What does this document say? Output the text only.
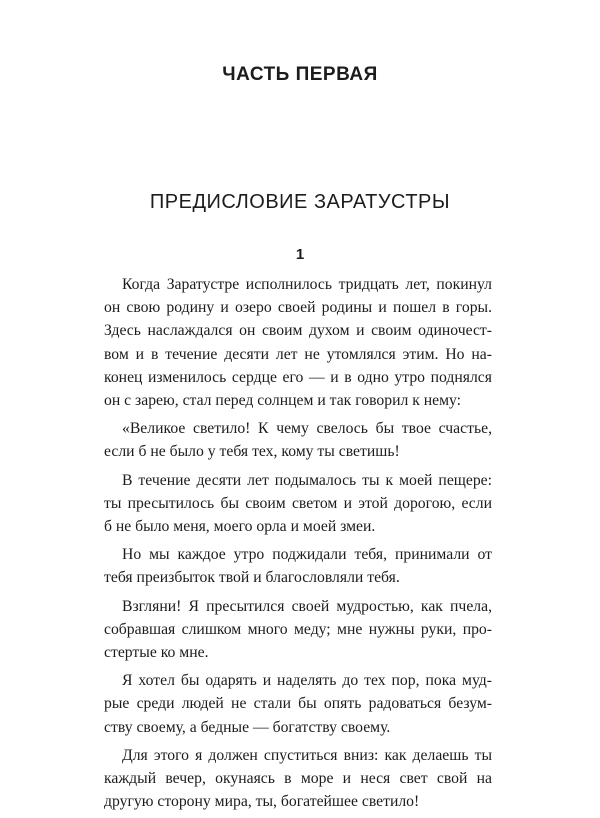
ЧАСТЬ ПЕРВАЯ
ПРЕДИСЛОВИЕ ЗАРАТУСТРЫ
1
Когда Заратустре исполнилось тридцать лет, покинул
он свою родину и озеро своей родины и пошел в горы.
Здесь наслаждался он своим духом и своим одиночест-
вом и в течение десяти лет не утомлялся этим. Но на-
конец изменилось сердце его — и в одно утро поднялся
он с зарею, стал перед солнцем и так говорил к нему:
«Великое светило! К чему свелось бы твое счастье,
если б не было у тебя тех, кому ты светишь!
В течение десяти лет подымалось ты к моей пещере:
ты пресытилось бы своим светом и этой дорогою, если
б не было меня, моего орла и моей змеи.
Но мы каждое утро поджидали тебя, принимали от
тебя преизбыток твой и благословляли тебя.
Взгляни! Я пресытился своей мудростью, как пчела,
собравшая слишком много меду; мне нужны руки, про-
стертые ко мне.
Я хотел бы одарять и наделять до тех пор, пока муд-
рые среди людей не стали бы опять радоваться безум-
ству своему, а бедные — богатству своему.
Для этого я должен спуститься вниз: как делаешь ты
каждый вечер, окунаясь в море и неся свет свой на
другую сторону мира, ты, богатейшее светило!
